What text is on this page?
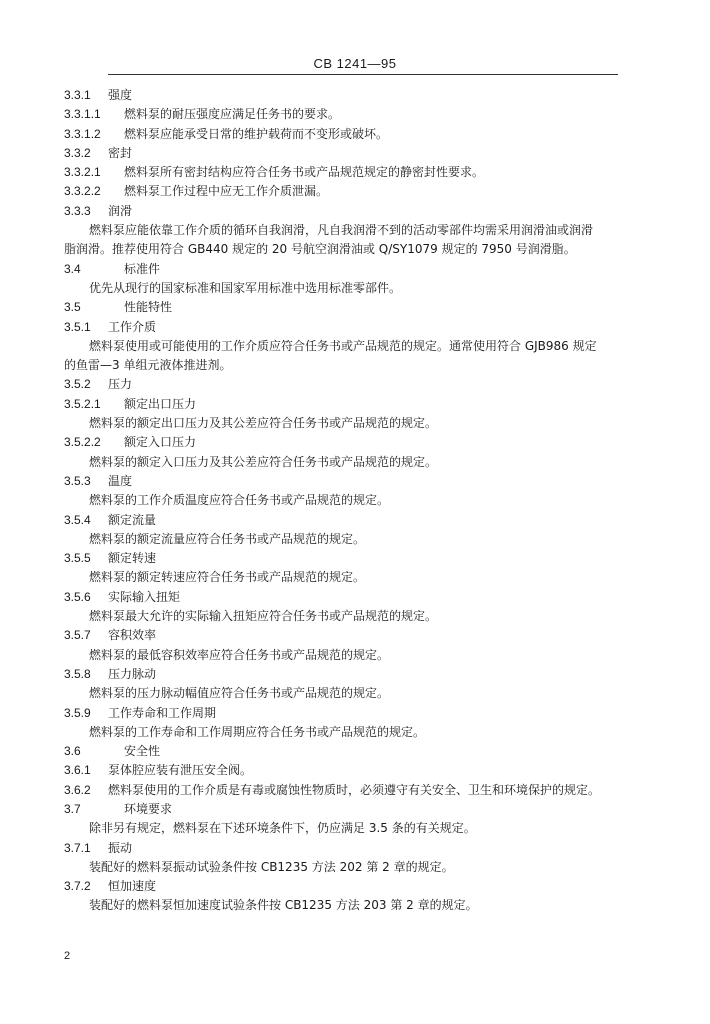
CB 1241—95
3.3.1 强度
3.3.1.1 燃料泵的耐压强度应满足任务书的要求。
3.3.1.2 燃料泵应能承受日常的维护载荷而不变形或破坏。
3.3.2 密封
3.3.2.1 燃料泵所有密封结构应符合任务书或产品规范规定的静密封性要求。
3.3.2.2 燃料泵工作过程中应无工作介质泄漏。
3.3.3 润滑
燃料泵应能依靠工作介质的循环自我润滑，凡自我润滑不到的活动零部件均需采用润滑油或润滑
脂润滑。推荐使用符合 GB440 规定的 20 号航空润滑油或 Q/SY1079 规定的 7950 号润滑脂。
3.4	标准件
优先从现行的国家标准和国家军用标准中选用标准零部件。
3.5	性能特性
3.5.1 工作介质
燃料泵使用或可能使用的工作介质应符合任务书或产品规范的规定。通常使用符合 GJB986 规定
的鱼雷—3 单组元液体推进剂。
3.5.2 压力
3.5.2.1 额定出口压力
燃料泵的额定出口压力及其公差应符合任务书或产品规范的规定。
3.5.2.2 额定入口压力
燃料泵的额定入口压力及其公差应符合任务书或产品规范的规定。
3.5.3 温度
燃料泵的工作介质温度应符合任务书或产品规范的规定。
3.5.4 额定流量
燃料泵的额定流量应符合任务书或产品规范的规定。
3.5.5 额定转速
燃料泵的额定转速应符合任务书或产品规范的规定。
3.5.6 实际输入扭矩
燃料泵最大允许的实际输入扭矩应符合任务书或产品规范的规定。
3.5.7 容积效率
燃料泵的最低容积效率应符合任务书或产品规范的规定。
3.5.8 压力脉动
燃料泵的压力脉动幅值应符合任务书或产品规范的规定。
3.5.9 工作寿命和工作周期
燃料泵的工作寿命和工作周期应符合任务书或产品规范的规定。
3.6	安全性
3.6.1 泵体腔应装有泄压安全阀。
3.6.2 燃料泵使用的工作介质是有毒或腐蚀性物质时，必须遵守有关安全、卫生和环境保护的规定。
3.7	环境要求
除非另有规定，燃料泵在下述环境条件下，仍应满足 3.5 条的有关规定。
3.7.1 振动
装配好的燃料泵振动试验条件按 CB1235 方法 202 第 2 章的规定。
3.7.2 恒加速度
装配好的燃料泵恒加速度试验条件按 CB1235 方法 203 第 2 章的规定。
2
